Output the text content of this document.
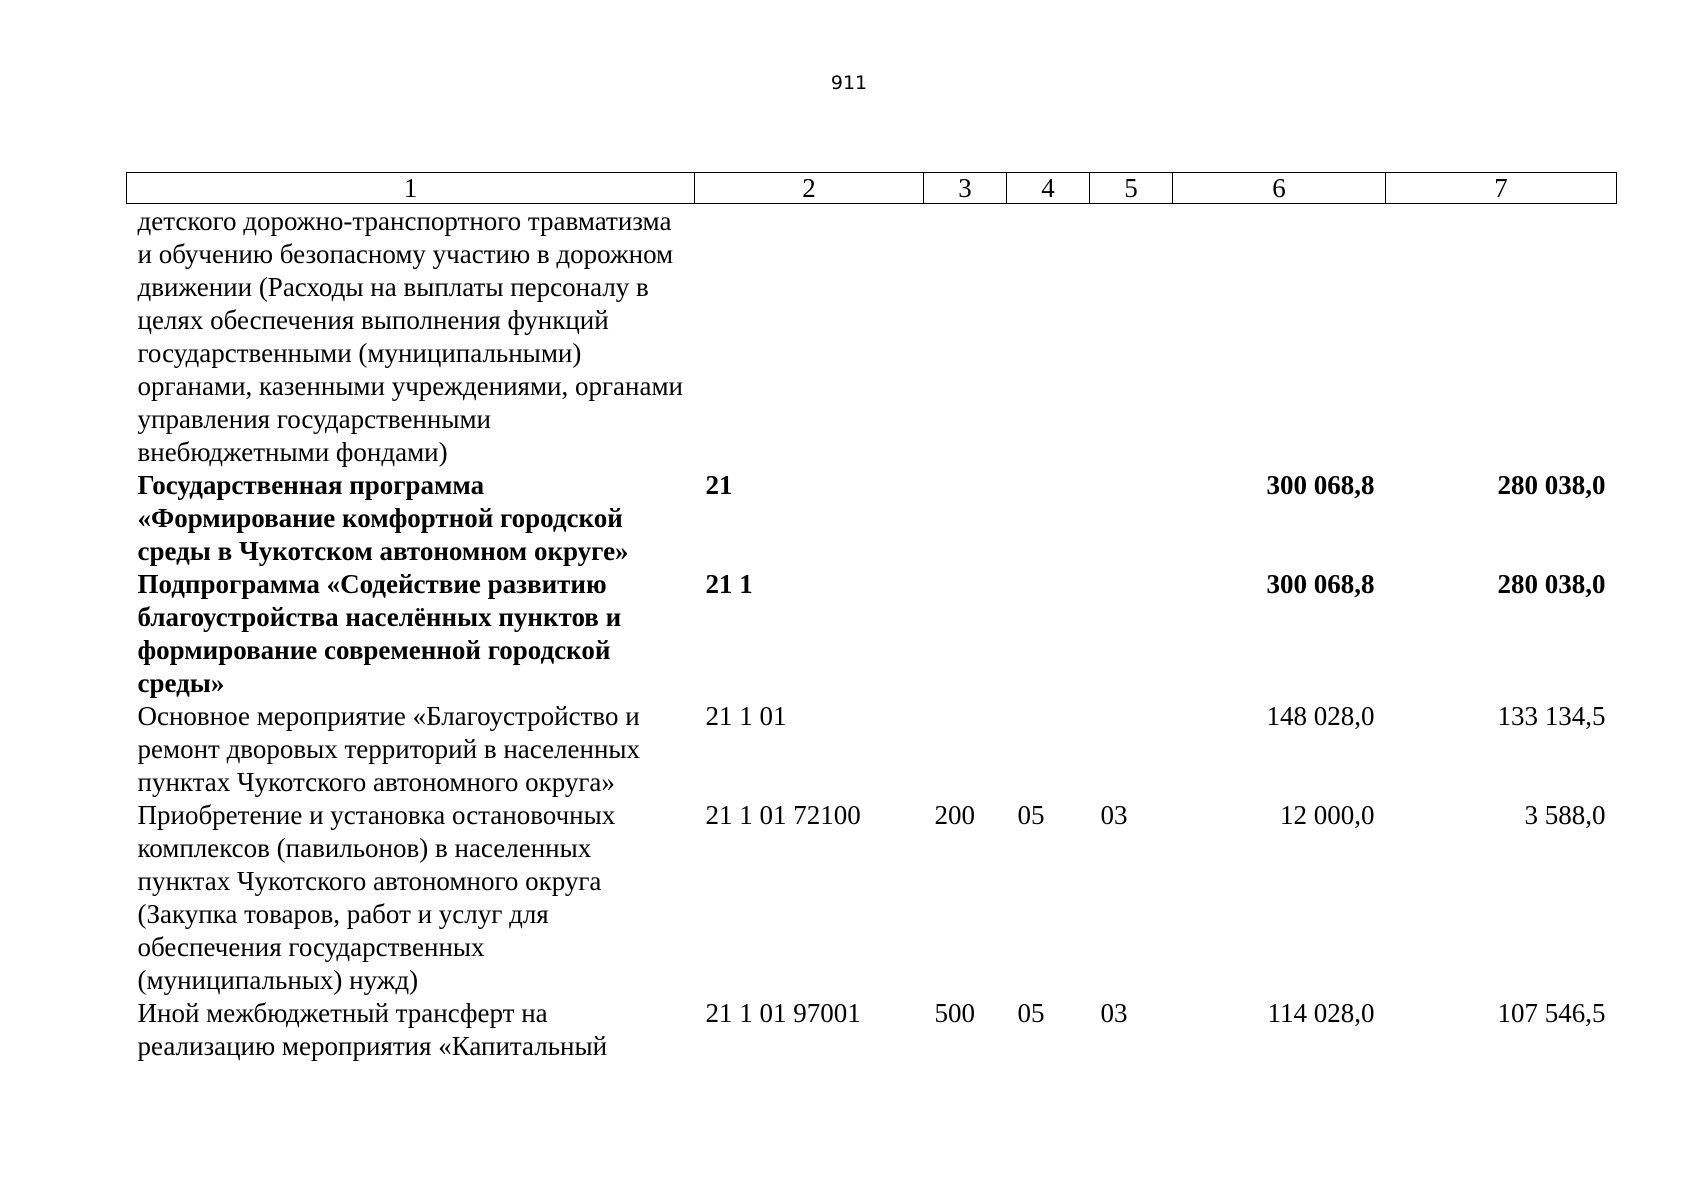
911
1	2	3	4	5	6	7
детского дорожно-транспортного травматизма и обучению безопасному участию в дорожном движении (Расходы на выплаты персоналу в целях обеспечения выполнения функций государственными (муниципальными) органами, казенными учреждениями, органами управления государственными внебюджетными фондами)						
Государственная программа «Формирование комфортной городской среды в Чукотском автономном округе»	21				300 068,8	280 038,0
Подпрограмма «Содействие развитию благоустройства населённых пунктов и формирование современной городской среды»	21 1				300 068,8	280 038,0
Основное мероприятие «Благоустройство и ремонт дворовых территорий в населенных пунктах Чукотского автономного округа»	21 1 01				148 028,0	133 134,5
Приобретение и установка остановочных комплексов (павильонов) в населенных пунктах Чукотского автономного округа (Закупка товаров, работ и услуг для обеспечения государственных (муниципальных) нужд)	21 1 01 72100	200	05	03	12 000,0	3 588,0
Иной межбюджетный трансферт на реализацию мероприятия «Капитальный	21 1 01 97001	500	05	03	114 028,0	107 546,5
